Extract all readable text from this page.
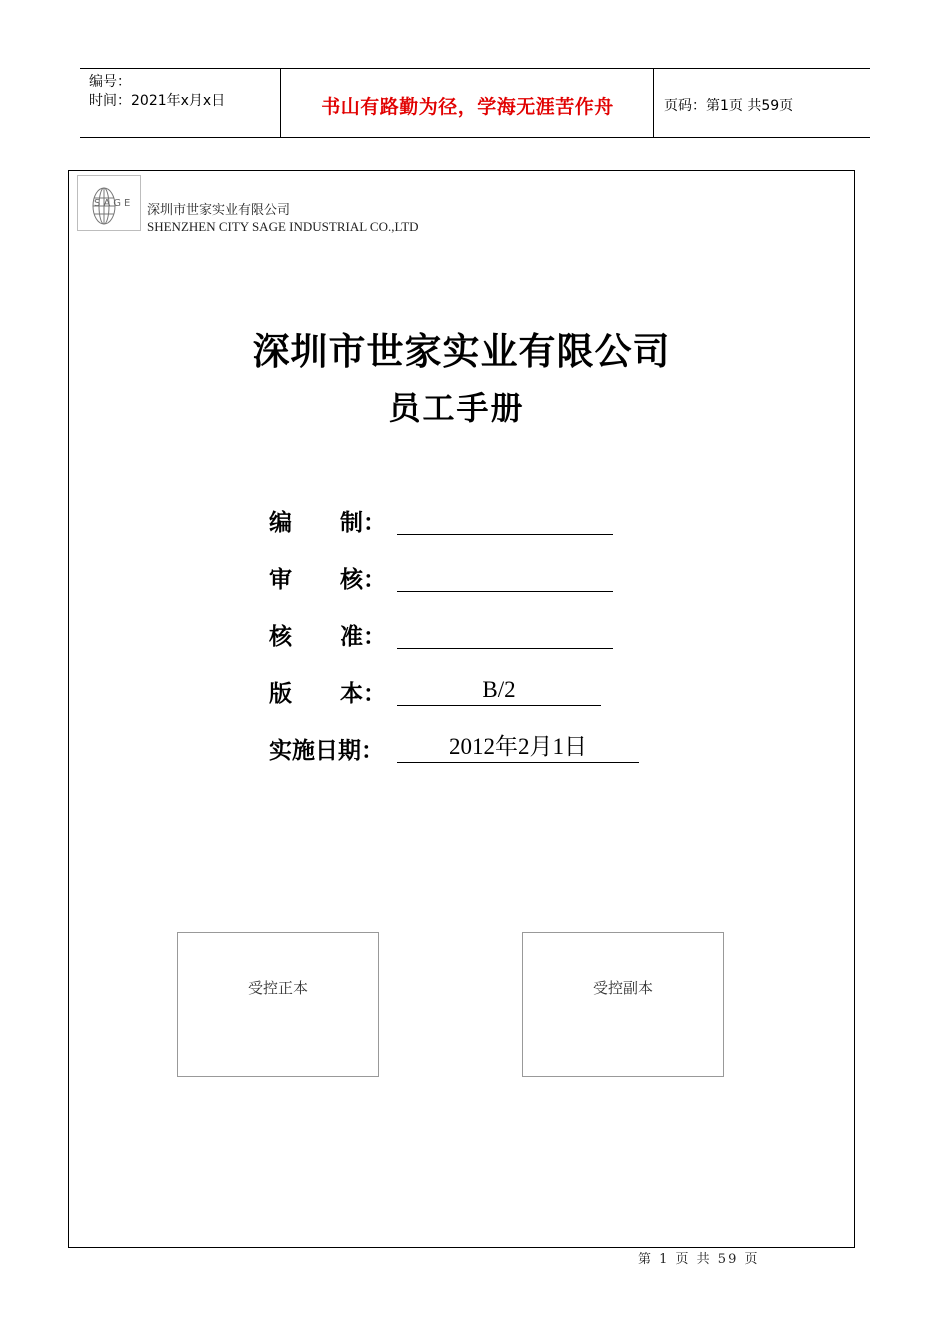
编号：
时间：2021年x月x日	书山有路勤为径，学海无涯苦作舟	页码：第1页 共59页
SAGE 深圳市世家实业有限公司
SHENZHEN CITY SAGE INDUSTRIAL CO.,LTD
深圳市世家实业有限公司
员工手册
编      制：
审      核：
核      准：
版      本：	B/2
实施日期：	2012年2月1日
受控正本	受控副本
第 1 页 共 59 页
